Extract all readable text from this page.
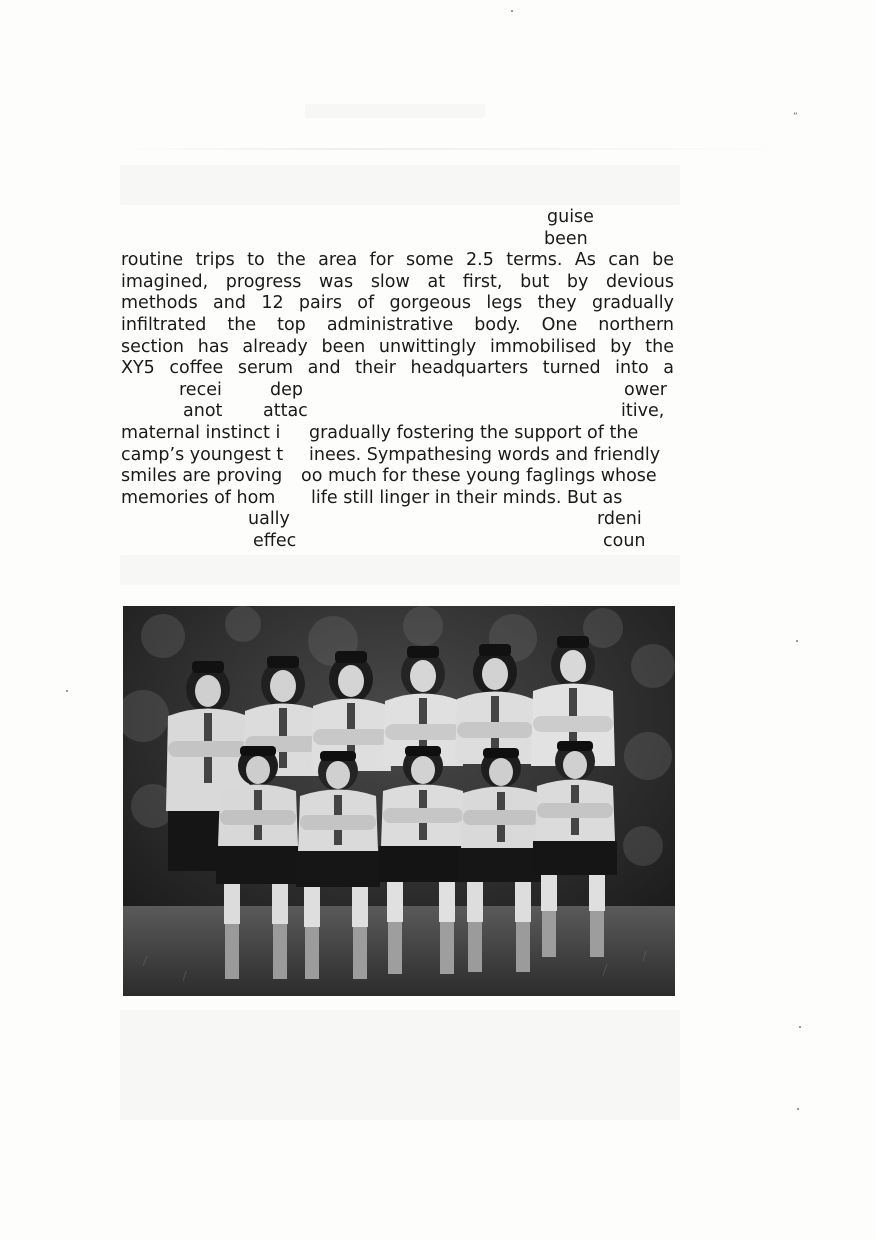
”
guise
been
routine trips to the area for some 2.5 terms. As can be
imagined, progress was slow at first, but by devious
methods and 12 pairs of gorgeous legs they gradually
infiltrated the top administrative body. One northern
section has already been unwittingly immobilised by the
XY5 coffee serum and their headquarters turned into a
recei	dep	ower
anot attac	itive,
maternal instinct i gradually fostering the support of the
camp’s youngest t inees. Sympathesing words and friendly
smiles are proving oo much for these young faglings whose
memories of hom life still linger in their minds. But as
ually	rdeni
effec	coun
